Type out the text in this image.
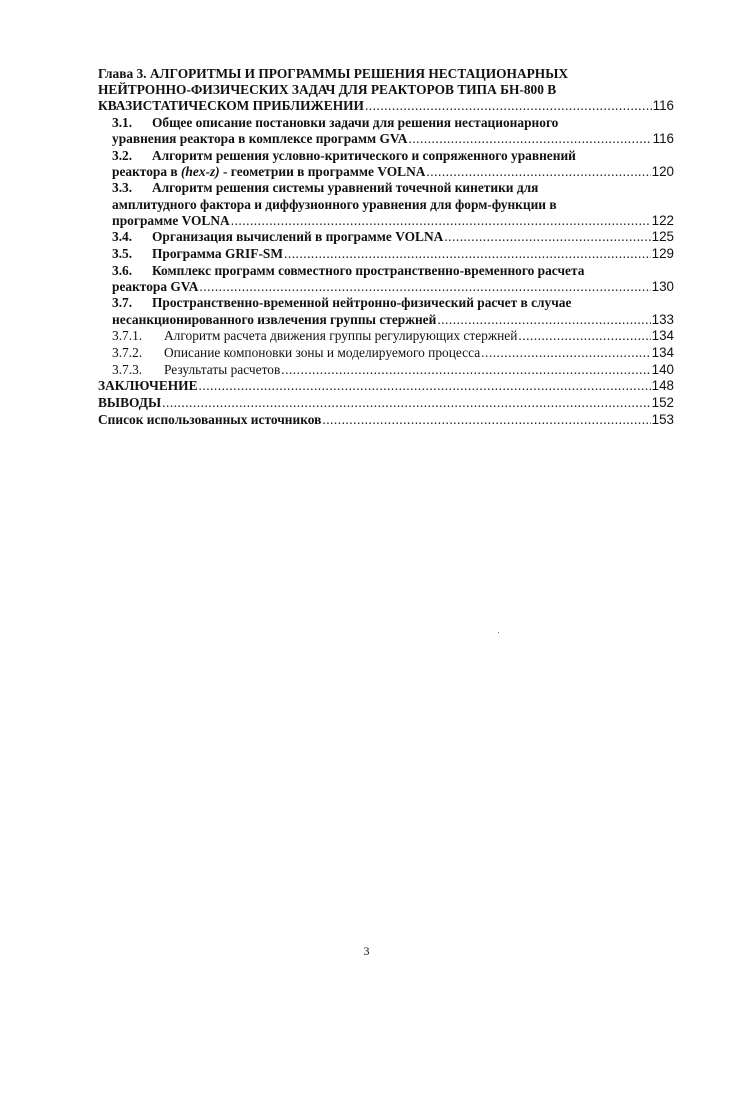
Глава 3. АЛГОРИТМЫ И ПРОГРАММЫ РЕШЕНИЯ НЕСТАЦИОНАРНЫХ
НЕЙТРОННО-ФИЗИЧЕСКИХ ЗАДАЧ ДЛЯ РЕАКТОРОВ ТИПА БН-800 В
КВАЗИСТАТИЧЕСКОМ ПРИБЛИЖЕНИИ .....	116
3.1. Общее описание постановки задачи для решения нестационарного
уравнения реактора в комплексе программ GVA .....	116
3.2. Алгоритм решения условно-критического и сопряженного уравнений
реактора в (hex-z) - геометрии в программе VOLNA .....	120
3.3. Алгоритм решения системы уравнений точечной кинетики для
амплитудного фактора и диффузионного уравнения для форм-функции в
программе VOLNA .....	122
3.4.	Организация вычислений в программе VOLNA .....	125
3.5.	Программа GRIF-SM .....	129
3.6. Комплекс программ совместного пространственно-временного расчета
реактора GVA .....	130
3.7. Пространственно-временной нейтронно-физический расчет в случае
несанкционированного извлечения группы стержней .....	133
3.7.1.	Алгоритм расчета движения группы регулирующих стержней .....	134
3.7.2.	Описание компоновки зоны и моделируемого процесса .....	134
3.7.3.	Результаты расчетов .....	140
ЗАКЛЮЧЕНИЕ .....	148
ВЫВОДЫ .....	152
Список использованных источников .....	153
3
